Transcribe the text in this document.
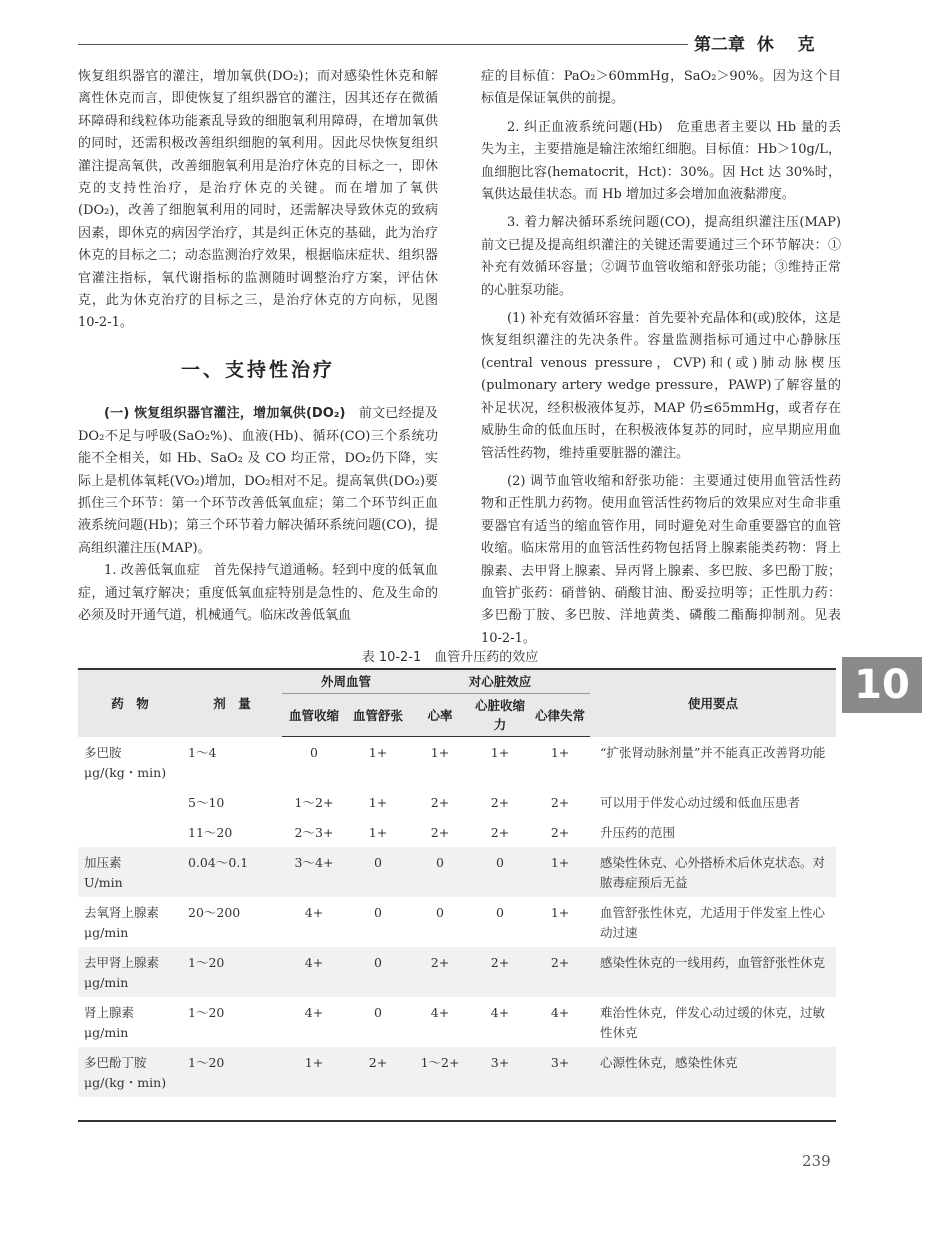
第二章  休    克

恢复组织器官的灌注，增加氧供(DO₂)；而对感染性休克和解离性休克而言，即使恢复了组织器官的灌注，因其还存在微循环障碍和线粒体功能紊乱导致的细胞氧利用障碍，在增加氧供的同时，还需积极改善组织细胞的氧利用。因此尽快恢复组织灌注提高氧供，改善细胞氧利用是治疗休克的目标之一，即休克的支持性治疗，是治疗休克的关键。而在增加了氧供(DO₂)，改善了细胞氧利用的同时，还需解决导致休克的致病因素，即休克的病因学治疗，其是纠正休克的基础，此为治疗休克的目标之二；动态监测治疗效果，根据临床症状、组织器官灌注指标，氧代谢指标的监测随时调整治疗方案，评估休克，此为休克治疗的目标之三，是治疗休克的方向标，见图 10-2-1。

一、支持性治疗

(一) 恢复组织器官灌注，增加氧供(DO₂)　 前文已经提及DO₂不足与呼吸(SaO₂%)、血液(Hb)、循环(CO)三个系统功能不全相关，如 Hb、SaO₂ 及 CO 均正常，DO₂仍下降，实际上是机体氧耗(VO₂)增加，DO₂相对不足。提高氧供(DO₂)要抓住三个环节：第一个环节改善低氧血症；第二个环节纠正血液系统问题(Hb)；第三个环节着力解决循环系统问题(CO)，提高组织灌注压(MAP)。

1. 改善低氧血症　首先保持气道通畅。轻到中度的低氧血症，通过氧疗解决；重度低氧血症特别是急性的、危及生命的必须及时开通气道，机械通气。临床改善低氧血

症的目标值：PaO₂＞60mmHg，SaO₂＞90%。因为这个目标值是保证氧供的前提。

2. 纠正血液系统问题(Hb)　危重患者主要以 Hb 量的丢失为主，主要措施是输注浓缩红细胞。目标值：Hb＞10g/L，血细胞比容(hematocrit，Hct)：30%。因 Hct 达 30%时，氧供达最佳状态。而 Hb 增加过多会增加血液黏滞度。

3. 着力解决循环系统问题(CO)，提高组织灌注压(MAP)　前文已提及提高组织灌注的关键还需要通过三个环节解决：①补充有效循环容量；②调节血管收缩和舒张功能；③维持正常的心脏泵功能。

(1) 补充有效循环容量：首先要补充晶体和(或)胶体，这是恢复组织灌注的先决条件。容量监测指标可通过中心静脉压(central venous pressure，CVP)和(或)肺动脉楔压(pulmonary artery wedge pressure，PAWP)了解容量的补足状况，经积极液体复苏，MAP 仍≤65mmHg，或者存在威胁生命的低血压时，在积极液体复苏的同时，应早期应用血管活性药物，维持重要脏器的灌注。

(2) 调节血管收缩和舒张功能：主要通过使用血管活性药物和正性肌力药物。使用血管活性药物后的效果应对生命非重要器官有适当的缩血管作用，同时避免对生命重要器官的血管收缩。临床常用的血管活性药物包括肾上腺素能类药物：肾上腺素、去甲肾上腺素、异丙肾上腺素、多巴胺、多巴酚丁胺；血管扩张药：硝普钠、硝酸甘油、酚妥拉明等；正性肌力药：多巴酚丁胺、多巴胺、洋地黄类、磷酸二酯酶抑制剂。见表 10-2-1。

表 10-2-1　血管升压药的效应
10
药　物	剂　量	外周血管		对心脏效应			使用要点
		血管收缩	血管舒张	心率	心脏收缩力	心律失常	

多巴胺
μg/(kg・min)	1～4	0	1+	1+	1+	1+	“扩张肾动脉剂量”并不能真正改善肾功能

	5～10	1～2+	1+	2+	2+	2+	可以用于伴发心动过缓和低血压患者

	11～20	2～3+	1+	2+	2+	2+	升压药的范围

加压素
U/min	0.04～0.1	3～4+	0	0	0	1+	感染性休克、心外搭桥术后休克状态。对脓毒症预后无益

去氧肾上腺素
μg/min	20～200	4+	0	0	0	1+	血管舒张性休克，尤适用于伴发室上性心动过速

去甲肾上腺素
μg/min	1～20	4+	0	2+	2+	2+	感染性休克的一线用药，血管舒张性休克

肾上腺素
μg/min	1～20	4+	0	4+	4+	4+	难治性休克，伴发心动过缓的休克，过敏性休克

多巴酚丁胺
μg/(kg・min)	1～20	1+	2+	1～2+	3+	3+	心源性休克，感染性休克
239
